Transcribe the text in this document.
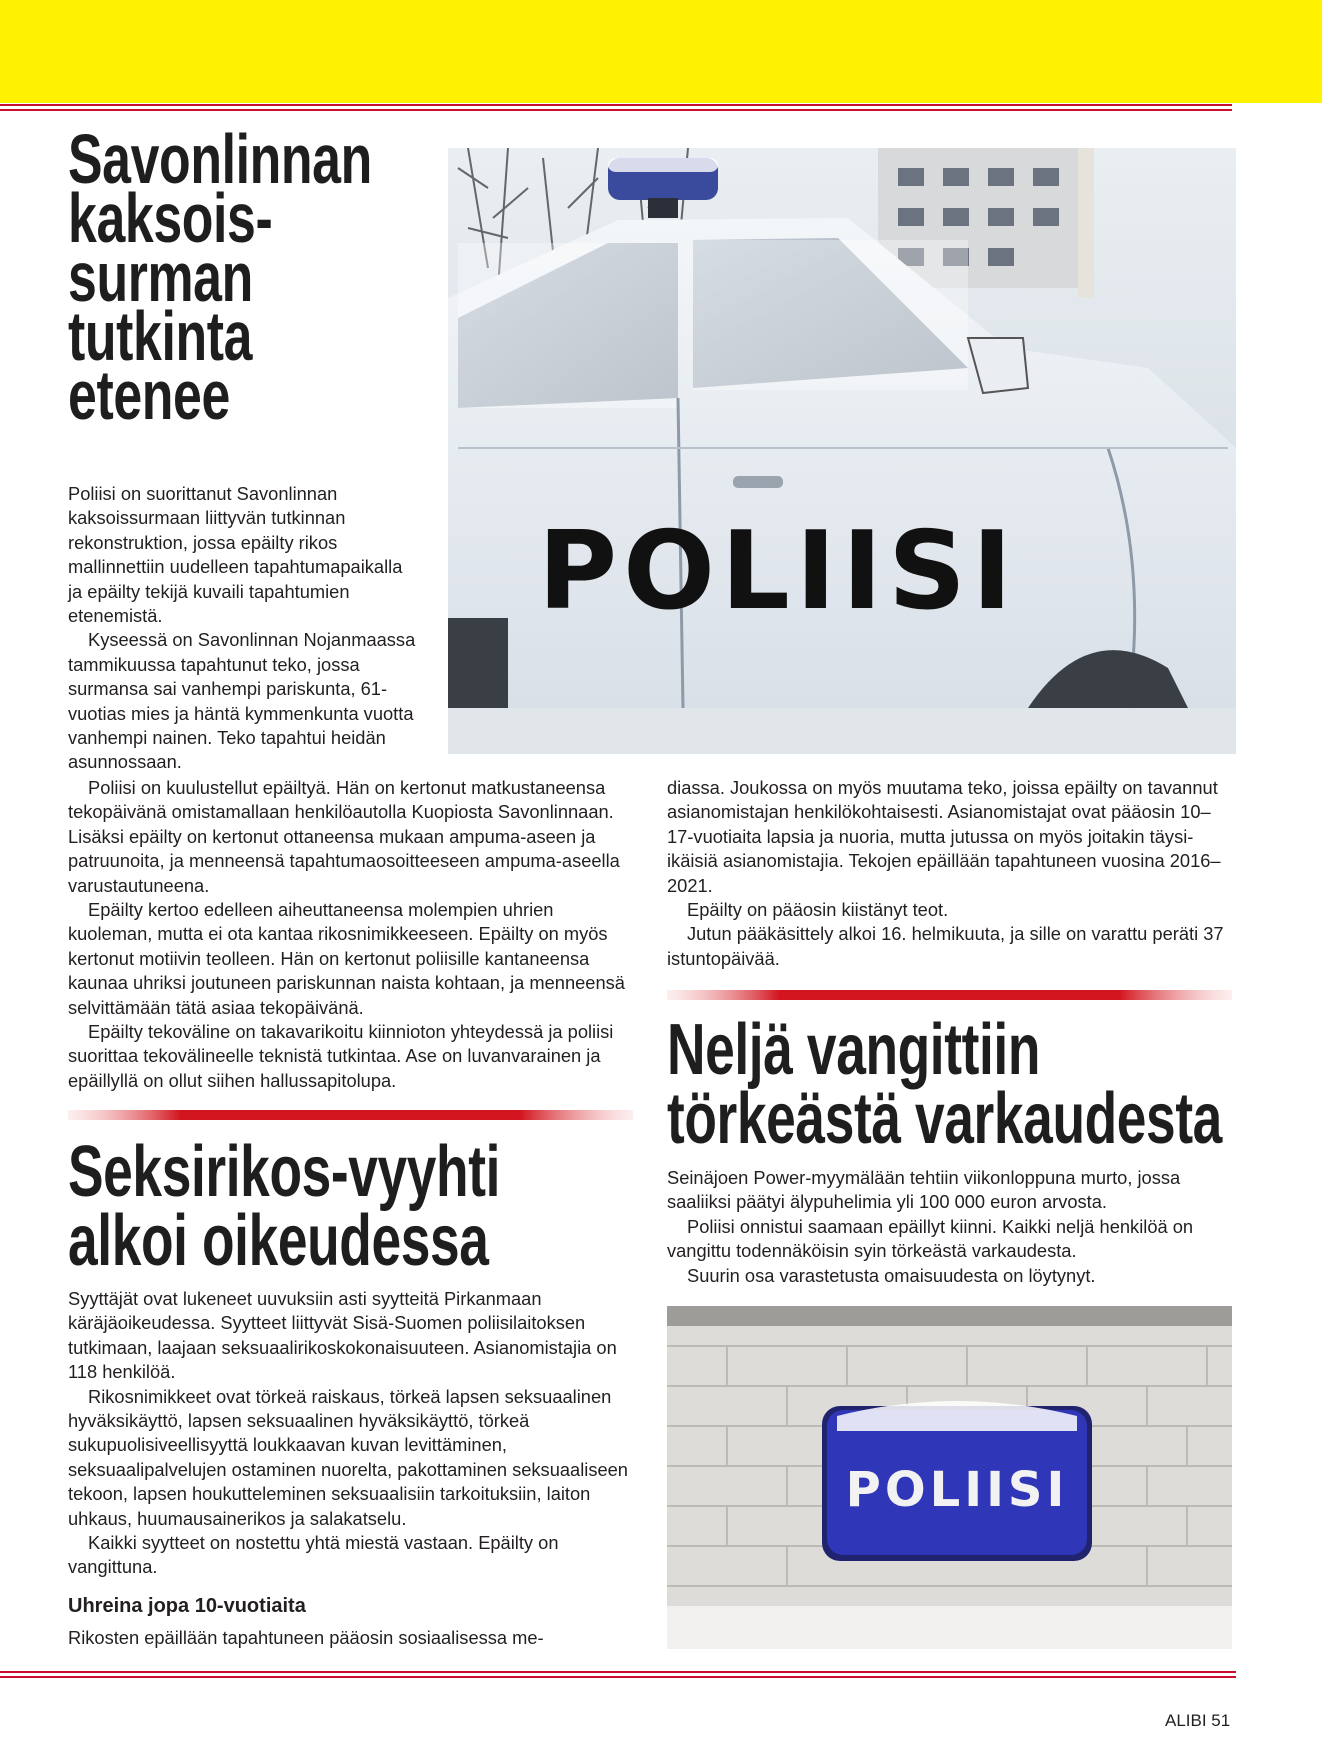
Savonlinnan
kaksois-
surman
tutkinta
etenee

Poliisi on suorittanut Savonlinnan kaksoissurmaan liittyvän tutkinnan rekonstruktion, jossa epäilty rikos mallinnettiin uudelleen tapahtumapaikalla ja epäilty tekijä kuvaili tapahtumien etenemistä.

Kyseessä on Savonlinnan Nojanmaassa tammikuussa tapahtunut teko, jossa surmansa sai vanhempi pariskunta, 61-vuotias mies ja häntä kymmenkunta vuotta vanhempi nainen. Teko tapahtui heidän asunnossaan.

Poliisi on kuulustellut epäiltyä. Hän on kertonut matkustaneensa tekopäivänä omistamallaan henkilöautolla Kuopiosta Savonlinnaan. Lisäksi epäilty on kertonut ottaneensa mukaan ampuma-aseen ja patruunoita, ja menneensä tapahtumaosoitteeseen ampuma-aseella varustautuneena.

Epäilty kertoo edelleen aiheuttaneensa molempien uhrien kuoleman, mutta ei ota kantaa rikosnimikkeeseen. Epäilty on myös kertonut motiivin teolleen. Hän on kertonut poliisille kantaneensa kaunaa uhriksi joutuneen pariskunnan naista kohtaan, ja menneensä selvittämään tätä asiaa tekopäivänä.

Epäilty tekoväline on takavarikoitu kiinnioton yhteydessä ja poliisi suorittaa tekovälineelle teknistä tutkintaa. Ase on luvanvarainen ja epäillyllä on ollut siihen hallussapitolupa.

POLIISI
Seksirikos-vyyhti
alkoi oikeudessa

Syyttäjät ovat lukeneet uuvuksiin asti syytteitä Pirkanmaan käräjäoikeudessa. Syytteet liittyvät Sisä-Suomen poliisilaitoksen tutkimaan, laajaan seksuaalirikoskokonaisuuteen. Asianomistajia on 118 henkilöä.

Rikosnimikkeet ovat törkeä raiskaus, törkeä lapsen seksuaalinen hyväksikäyttö, lapsen seksuaalinen hyväksikäyttö, törkeä sukupuolisiveellisyyttä loukkaavan kuvan levittäminen, seksuaalipalvelujen ostaminen nuorelta, pakottaminen seksuaaliseen tekoon, lapsen houkutteleminen seksuaalisiin tarkoituksiin, laiton uhkaus, huumausainerikos ja salakatselu.

Kaikki syytteet on nostettu yhtä miestä vastaan. Epäilty on vangittuna.

Uhreina jopa 10-vuotiaita

Rikosten epäillään tapahtuneen pääosin sosiaalisessa me-

diassa. Joukossa on myös muutama teko, joissa epäilty on tavannut asianomistajan henkilökohtaisesti. Asianomistajat ovat pääosin 10–17-vuotiaita lapsia ja nuoria, mutta jutussa on myös joitakin täysi-ikäisiä asianomistajia. Tekojen epäillään tapahtuneen vuosina 2016–2021.

Epäilty on pääosin kiistänyt teot.

Jutun pääkäsittely alkoi 16. helmikuuta, ja sille on varattu peräti 37 istuntopäivää.

Neljä vangittiin
törkeästä varkaudesta

Seinäjoen Power-myymälään tehtiin viikonloppuna murto, jossa saaliiksi päätyi älypuhelimia yli 100 000 euron arvosta.

Poliisi onnistui saamaan epäillyt kiinni. Kaikki neljä henkilöä on vangittu todennäköisin syin törkeästä varkaudesta.

Suurin osa varastetusta omaisuudesta on löytynyt.

POLIISI
ALIBI 51
